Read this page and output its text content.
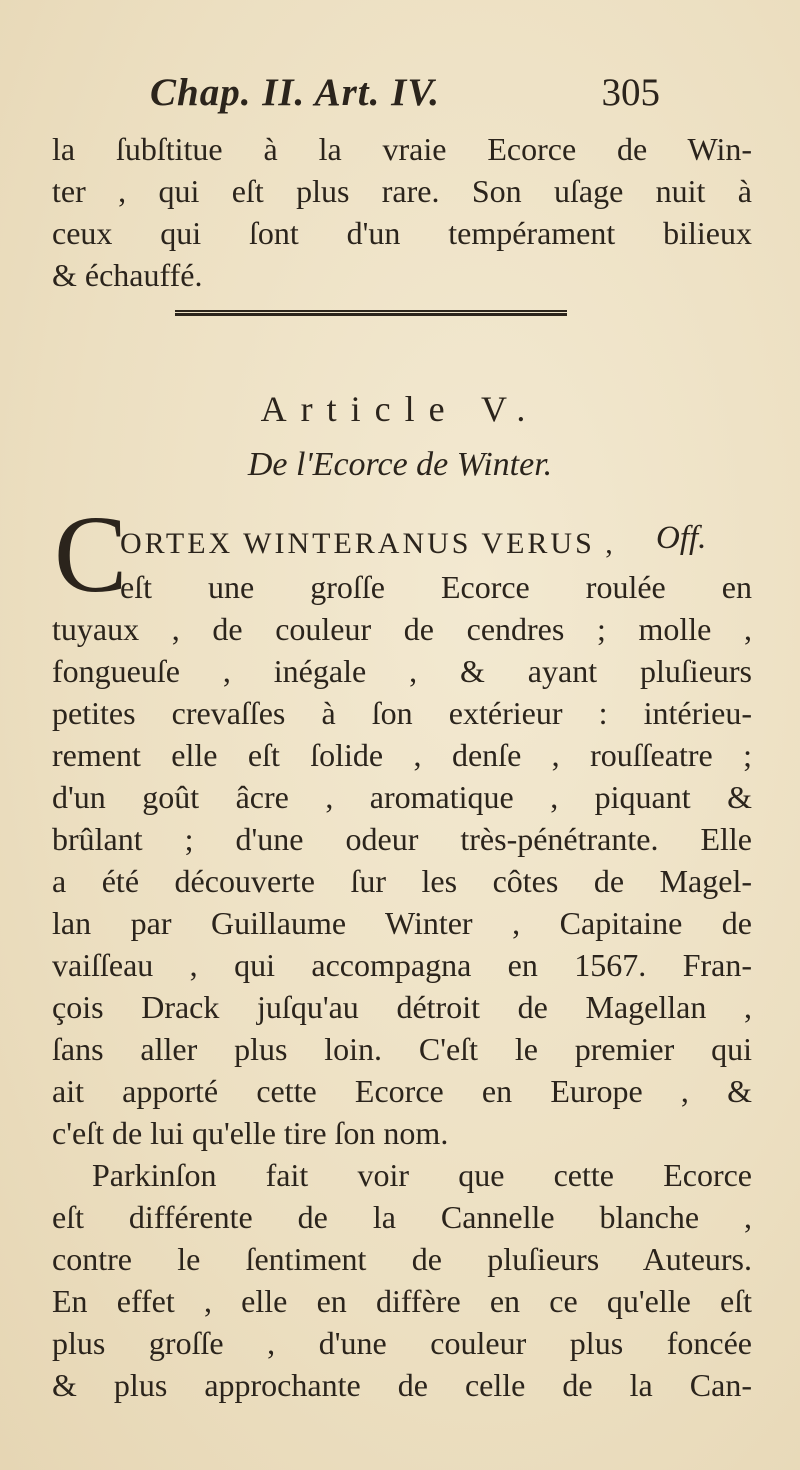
Chap. II. Art. IV.	305
la ſubſtitue à la vraie Ecorce de Win-
ter , qui eſt plus rare. Son uſage nuit à
ceux qui ſont d'un tempérament bilieux
& échauffé.
Article V.
De l'Ecorce de Winter.
C
ORTEX WINTERANUS VERUS ,	Off.
eſt une groſſe Ecorce roulée en
tuyaux , de couleur de cendres ; molle ,
fongueuſe , inégale , & ayant pluſieurs
petites crevaſſes à ſon extérieur : intérieu-
rement elle eſt ſolide , denſe , rouſſeatre ;
d'un goût âcre , aromatique , piquant &
brûlant ; d'une odeur très-pénétrante. Elle
a été découverte ſur les côtes de Magel-
lan par Guillaume Winter , Capitaine de
vaiſſeau , qui accompagna en 1567. Fran-
çois Drack juſqu'au détroit de Magellan ,
ſans aller plus loin. C'eſt le premier qui
ait apporté cette Ecorce en Europe , &
c'eſt de lui qu'elle tire ſon nom.
Parkinſon fait voir que cette Ecorce
eſt différente de la Cannelle blanche ,
contre le ſentiment de pluſieurs Auteurs.
En effet , elle en diffère en ce qu'elle eſt
plus groſſe , d'une couleur plus foncée
& plus approchante de celle de la Can-
